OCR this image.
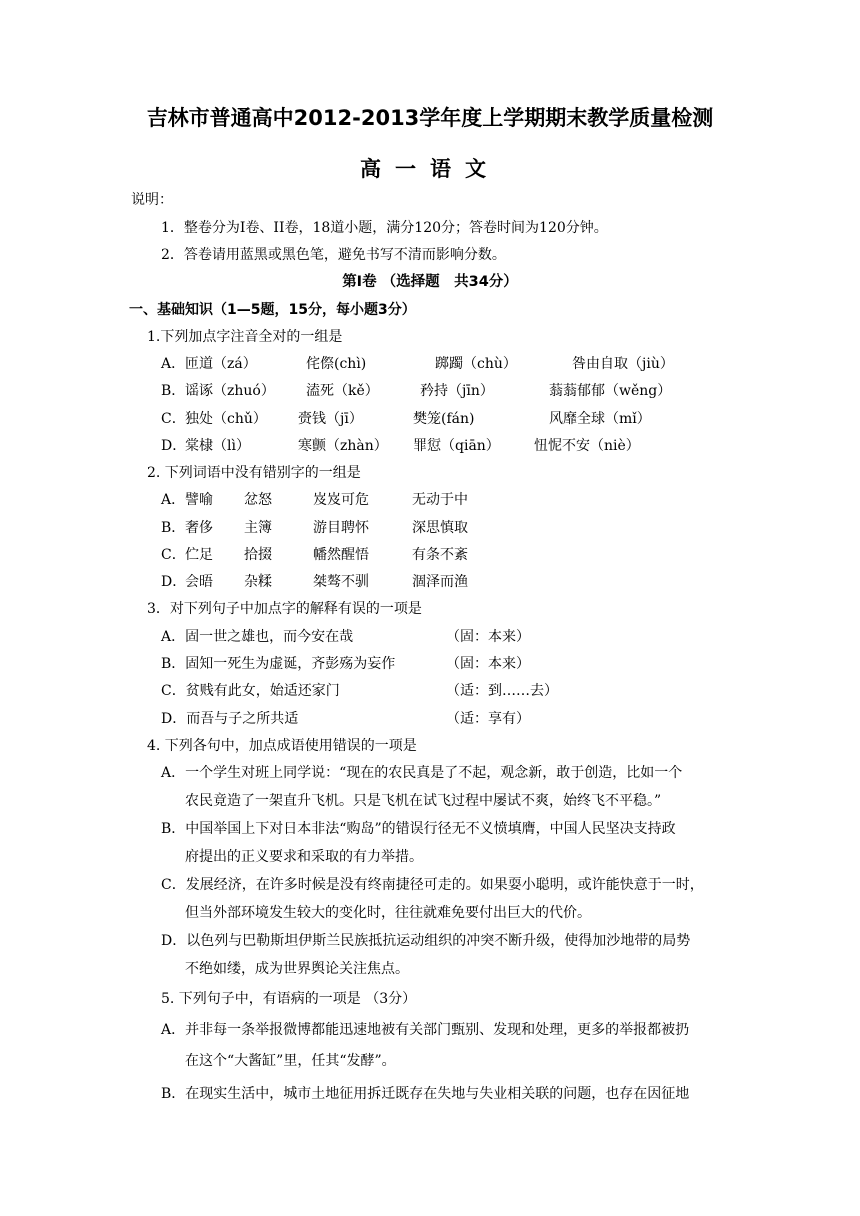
吉林市普通高中2012-2013学年度上学期期末教学质量检测
高一语文
说明：
1．整卷分为Ⅰ卷、II卷，18道小题，满分120分；答卷时间为120分钟。
2．答卷请用蓝黑或黑色笔，避免书写不清而影响分数。
第Ⅰ卷 （选择题　共34分）
一、基础知识（1—5题，15分，每小题3分）
1.下列加点字注音全对的一组是
A． 匝道（zá）	侘傺(chì)	踯躅（chù）	咎由自取（jiù）
B． 谣诼（zhuó） 溘死（kě）	矜持（jīn）	蓊蓊郁郁（wěng）
C． 独处（chǔ） 赍钱（jī）	樊笼(fán)	风靡全球（mǐ）
D．
棠棣（lì）	寒颤（zhàn） 罪愆（qiān） 忸怩不安（niè）
2. 下列词语中没有错别字的一组是
A． 譬喻 忿怒	岌岌可危	无动于中
B． 奢侈 主簿	游目聘怀	深思慎取
C． 伫足 拾掇	幡然醒悟	有条不紊
D．
会晤 杂糅	桀骜不驯	涸泽而渔
3．对下列句子中加点字的解释有误的一项是
A．固一世之雄也，而今安在哉	（固：本来）
B．固知一死生为虚诞，齐彭殇为妄作	（固：本来）
C．贫贱有此女，始适还家门	（适：到……去）
D．而吾与子之所共适	（适：享有）
4. 下列各句中，加点成语使用错误的一项是
A．一个学生对班上同学说：“现在的农民真是了不起，观念新，敢于创造，比如一个
农民竟造了一架直升飞机。只是飞机在试飞过程中屡试不爽，始终飞不平稳。”
B．中国举国上下对日本非法“购岛”的错误行径无不义愤填膺，中国人民坚决支持政
府提出的正义要求和采取的有力举措。
C．发展经济，在许多时候是没有终南捷径可走的。如果耍小聪明，或许能快意于一时，
但当外部环境发生较大的变化时，往往就难免要付出巨大的代价。
D．以色列与巴勒斯坦伊斯兰民族抵抗运动组织的冲突不断升级，使得加沙地带的局势
不绝如缕，成为世界舆论关注焦点。
5. 下列句子中，有语病的一项是 （3分）
A．并非每一条举报微博都能迅速地被有关部门甄别、发现和处理，更多的举报都被扔
在这个“大酱缸”里，任其“发酵”。
B．在现实生活中，城市土地征用拆迁既存在失地与失业相关联的问题，也存在因征地
